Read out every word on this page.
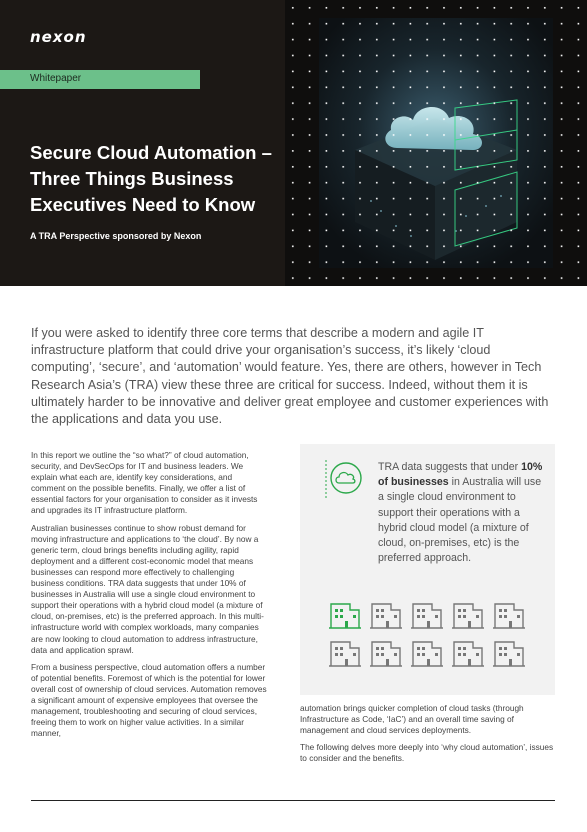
nexon
Whitepaper
Secure Cloud Automation – Three Things Business Executives Need to Know
A TRA Perspective sponsored by Nexon

If you were asked to identify three core terms that describe a modern and agile IT infrastructure platform that could drive your organisation’s success, it’s likely ‘cloud computing’, ‘secure’, and ‘automation’ would feature. Yes, there are others, however in Tech Research Asia’s (TRA) view these three are critical for success. Indeed, without them it is ultimately harder to be innovative and deliver great employee and customer experiences with the applications and data you use.

In this report we outline the “so what?” of cloud automation, security, and DevSecOps for IT and business leaders. We explain what each are, identify key considerations, and comment on the possible benefits. Finally, we offer a list of essential factors for your organisation to consider as it invests and upgrades its IT infrastructure platform.

Australian businesses continue to show robust demand for moving infrastructure and applications to ‘the cloud’. By now a generic term, cloud brings benefits including agility, rapid deployment and a different cost-economic model that means businesses can respond more effectively to challenging business conditions. TRA data suggests that under 10% of businesses in Australia will use a single cloud environment to support their operations with a hybrid cloud model (a mixture of cloud, on-premises, etc) is the preferred approach. In this multi-infrastructure world with complex workloads, many companies are now looking to cloud automation to address infrastructure, data and application sprawl.

From a business perspective, cloud automation offers a number of potential benefits. Foremost of which is the potential for lower overall cost of ownership of cloud services. Automation removes a significant amount of expensive employees that oversee the management, troubleshooting and securing of cloud services, freeing them to work on higher value activities. In a similar manner,

TRA data suggests that under 10% of businesses in Australia will use a single cloud environment to support their operations with a hybrid cloud model (a mixture of cloud, on-premises, etc) is the preferred approach.

automation brings quicker completion of cloud tasks (through Infrastructure as Code, ‘IaC’) and an overall time saving of management and cloud services deployments.

The following delves more deeply into ‘why cloud automation’, issues to consider and the benefits.
